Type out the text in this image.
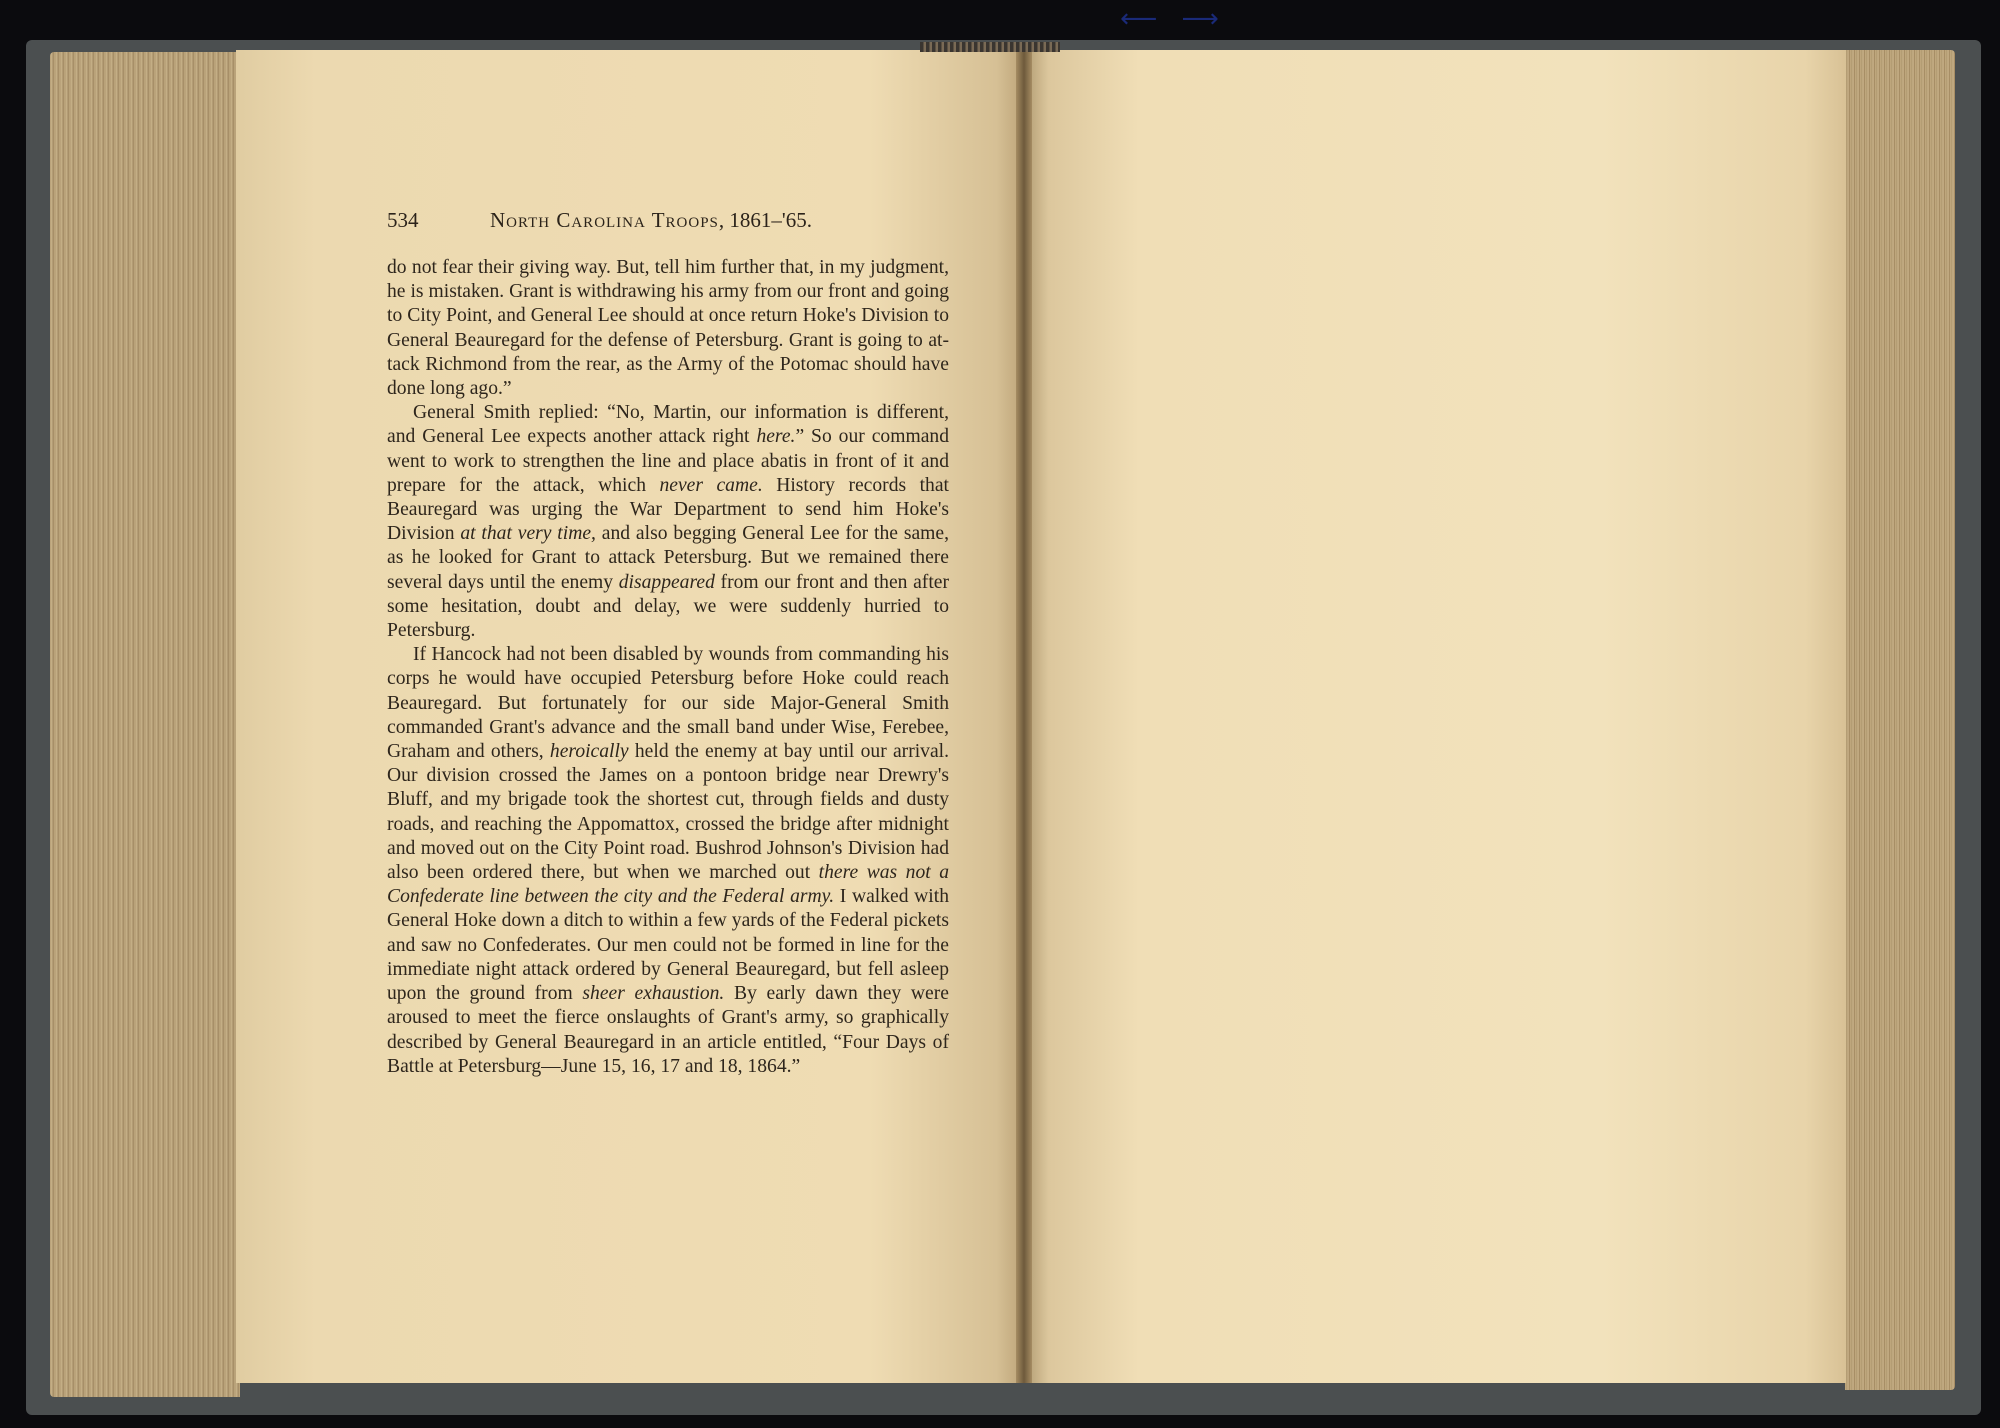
⟵ ⟶
534	North Carolina Troops, 1861–'65.

do not fear their giving way. But, tell him further that, in my judgment, he is mistaken. Grant is withdrawing his army from our front and going to City Point, and General Lee should at once return Hoke's Division to General Beauregard for the defense of Petersburg. Grant is going to attack Richmond from the rear, as the Army of the Potomac should have done long ago.”

General Smith replied: “No, Martin, our information is different, and General Lee expects another attack right here.” So our command went to work to strengthen the line and place abatis in front of it and prepare for the attack, which never came. History records that Beauregard was urging the War Department to send him Hoke's Division at that very time, and also begging General Lee for the same, as he looked for Grant to attack Petersburg. But we remained there several days until the enemy disappeared from our front and then after some hesitation, doubt and delay, we were suddenly hurried to Petersburg.

If Hancock had not been disabled by wounds from commanding his corps he would have occupied Petersburg before Hoke could reach Beauregard. But fortunately for our side Major-General Smith commanded Grant's advance and the small band under Wise, Ferebee, Graham and others, heroically held the enemy at bay until our arrival. Our division crossed the James on a pontoon bridge near Drewry's Bluff, and my brigade took the shortest cut, through fields and dusty roads, and reaching the Appomattox, crossed the bridge after midnight and moved out on the City Point road. Bushrod Johnson's Division had also been ordered there, but when we marched out there was not a Confederate line between the city and the Federal army. I walked with General Hoke down a ditch to within a few yards of the Federal pickets and saw no Confederates. Our men could not be formed in line for the immediate night attack ordered by General Beauregard, but fell asleep upon the ground from sheer exhaustion. By early dawn they were aroused to meet the fierce onslaughts of Grant's army, so graphically described by General Beauregard in an article entitled, “Four Days of Battle at Petersburg—June 15, 16, 17 and 18, 1864.”
